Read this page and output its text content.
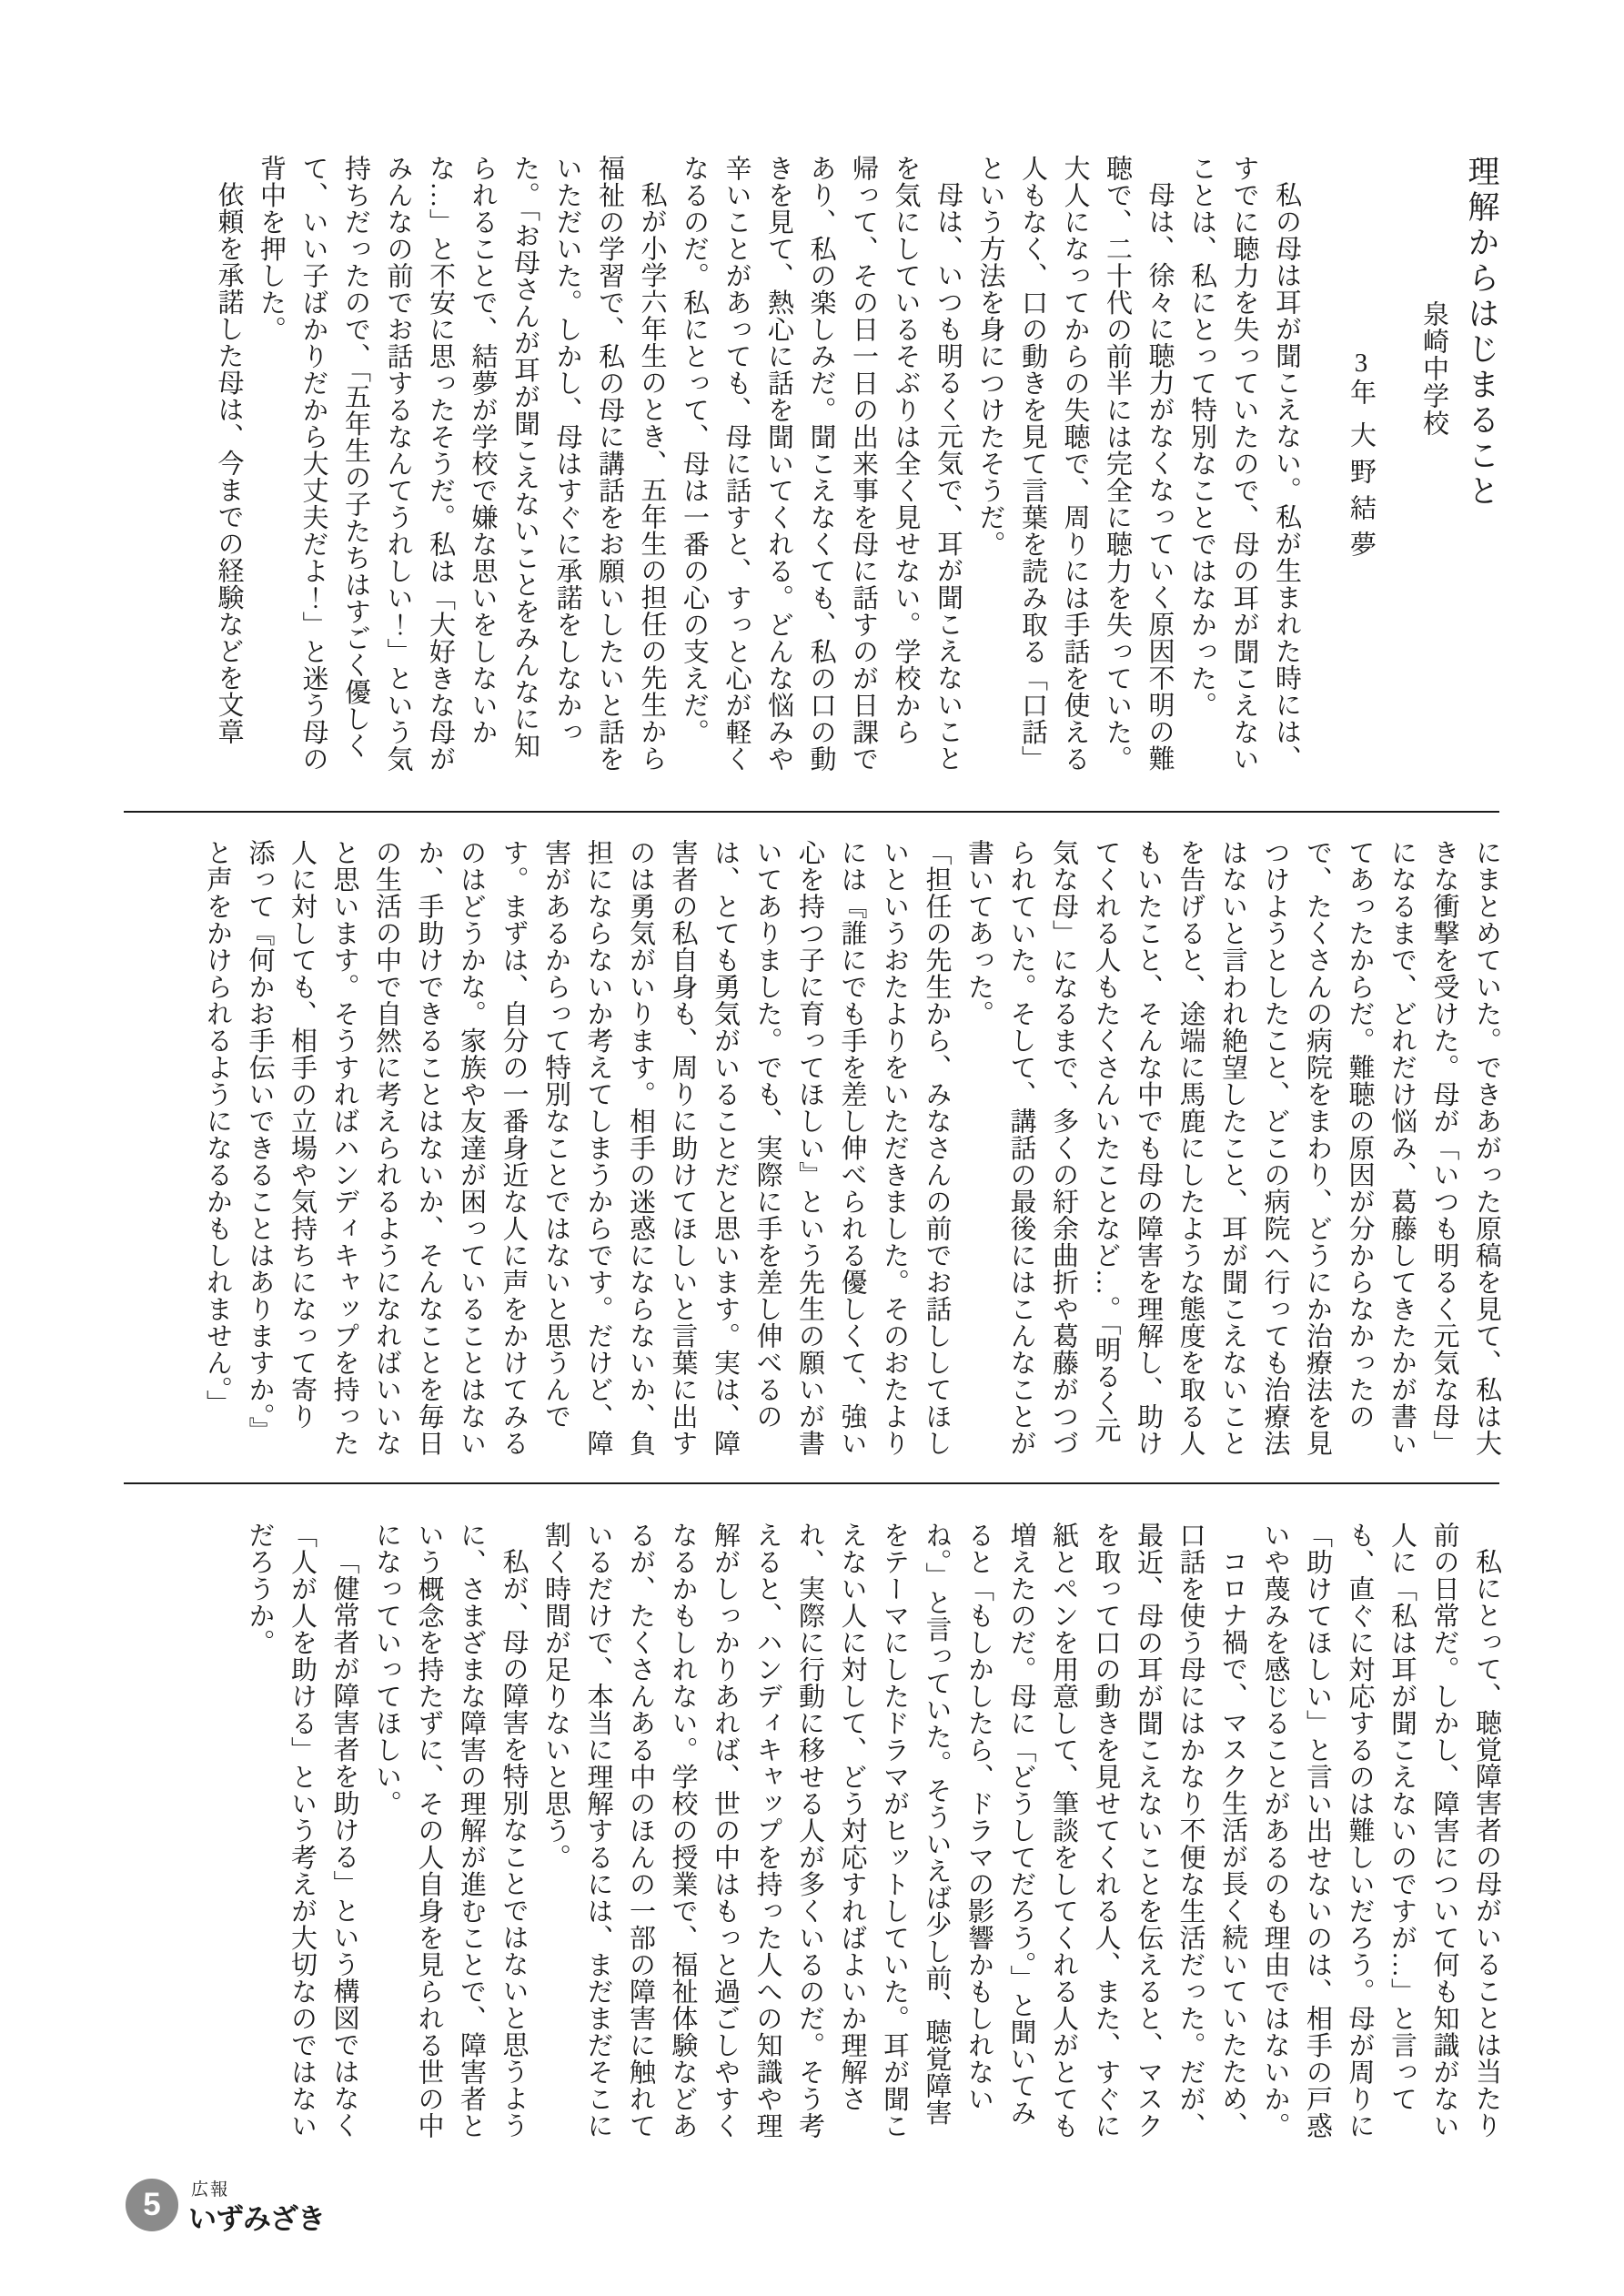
理解からはじまること

泉崎中学校

3年 大野結夢

私の母は耳が聞こえない。私が生まれた時には、すでに聴力を失っていたので、母の耳が聞こえないことは、私にとって特別なことではなかった。

母は、徐々に聴力がなくなっていく原因不明の難聴で、二十代の前半には完全に聴力を失っていた。大人になってからの失聴で、周りには手話を使える人もなく、口の動きを見て言葉を読み取る「口話」という方法を身につけたそうだ。

母は、いつも明るく元気で、耳が聞こえないことを気にしているそぶりは全く見せない。学校から帰って、その日一日の出来事を母に話すのが日課であり、私の楽しみだ。聞こえなくても、私の口の動きを見て、熱心に話を聞いてくれる。どんな悩みや辛いことがあっても、母に話すと、すっと心が軽くなるのだ。私にとって、母は一番の心の支えだ。

私が小学六年生のとき、五年生の担任の先生から福祉の学習で、私の母に講話をお願いしたいと話をいただいた。しかし、母はすぐに承諾をしなかった。「お母さんが耳が聞こえないことをみんなに知られることで、結夢が学校で嫌な思いをしないかな…」と不安に思ったそうだ。私は「大好きな母がみんなの前でお話するなんてうれしい！」という気持ちだったので、「五年生の子たちはすごく優しくて、いい子ばかりだから大丈夫だよ！」と迷う母の背中を押した。

依頼を承諾した母は、今までの経験などを文章

にまとめていた。できあがった原稿を見て、私は大きな衝撃を受けた。母が「いつも明るく元気な母」になるまで、どれだけ悩み、葛藤してきたかが書いてあったからだ。難聴の原因が分からなかったので、たくさんの病院をまわり、どうにか治療法を見つけようとしたこと、どこの病院へ行っても治療法はないと言われ絶望したこと、耳が聞こえないことを告げると、途端に馬鹿にしたような態度を取る人もいたこと、そんな中でも母の障害を理解し、助けてくれる人もたくさんいたことなど…。「明るく元気な母」になるまで、多くの紆余曲折や葛藤がつづられていた。そして、講話の最後にはこんなことが書いてあった。

「担任の先生から、みなさんの前でお話ししてほしいというおたよりをいただきました。そのおたよりには『誰にでも手を差し伸べられる優しくて、強い心を持つ子に育ってほしい』という先生の願いが書いてありました。でも、実際に手を差し伸べるのは、とても勇気がいることだと思います。実は、障害者の私自身も、周りに助けてほしいと言葉に出すのは勇気がいります。相手の迷惑にならないか、負担にならないか考えてしまうからです。だけど、障害があるからって特別なことではないと思うんです。まずは、自分の一番身近な人に声をかけてみるのはどうかな。家族や友達が困っていることはないか、手助けできることはないか、そんなことを毎日の生活の中で自然に考えられるようになればいいなと思います。そうすればハンディキャップを持った人に対しても、相手の立場や気持ちになって寄り添って『何かお手伝いできることはありますか。』と声をかけられるようになるかもしれません。」

私にとって、聴覚障害者の母がいることは当たり前の日常だ。しかし、障害について何も知識がない人に「私は耳が聞こえないのですが…」と言っても、直ぐに対応するのは難しいだろう。母が周りに「助けてほしい」と言い出せないのは、相手の戸惑いや蔑みを感じることがあるのも理由ではないか。

コロナ禍で、マスク生活が長く続いていたため、口話を使う母にはかなり不便な生活だった。だが、最近、母の耳が聞こえないことを伝えると、マスクを取って口の動きを見せてくれる人、また、すぐに紙とペンを用意して、筆談をしてくれる人がとても増えたのだ。母に「どうしてだろう。」と聞いてみると「もしかしたら、ドラマの影響かもしれないね。」と言っていた。そういえば少し前、聴覚障害をテーマにしたドラマがヒットしていた。耳が聞こえない人に対して、どう対応すればよいか理解され、実際に行動に移せる人が多くいるのだ。そう考えると、ハンディキャップを持った人への知識や理解がしっかりあれば、世の中はもっと過ごしやすくなるかもしれない。学校の授業で、福祉体験などあるが、たくさんある中のほんの一部の障害に触れているだけで、本当に理解するには、まだまだそこに割く時間が足りないと思う。

私が、母の障害を特別なことではないと思うように、さまざまな障害の理解が進むことで、障害者という概念を持たずに、その人自身を見られる世の中になっていってほしい。

「健常者が障害者を助ける」という構図ではなく「人が人を助ける」という考えが大切なのではないだろうか。

5	広報
いずみざき
